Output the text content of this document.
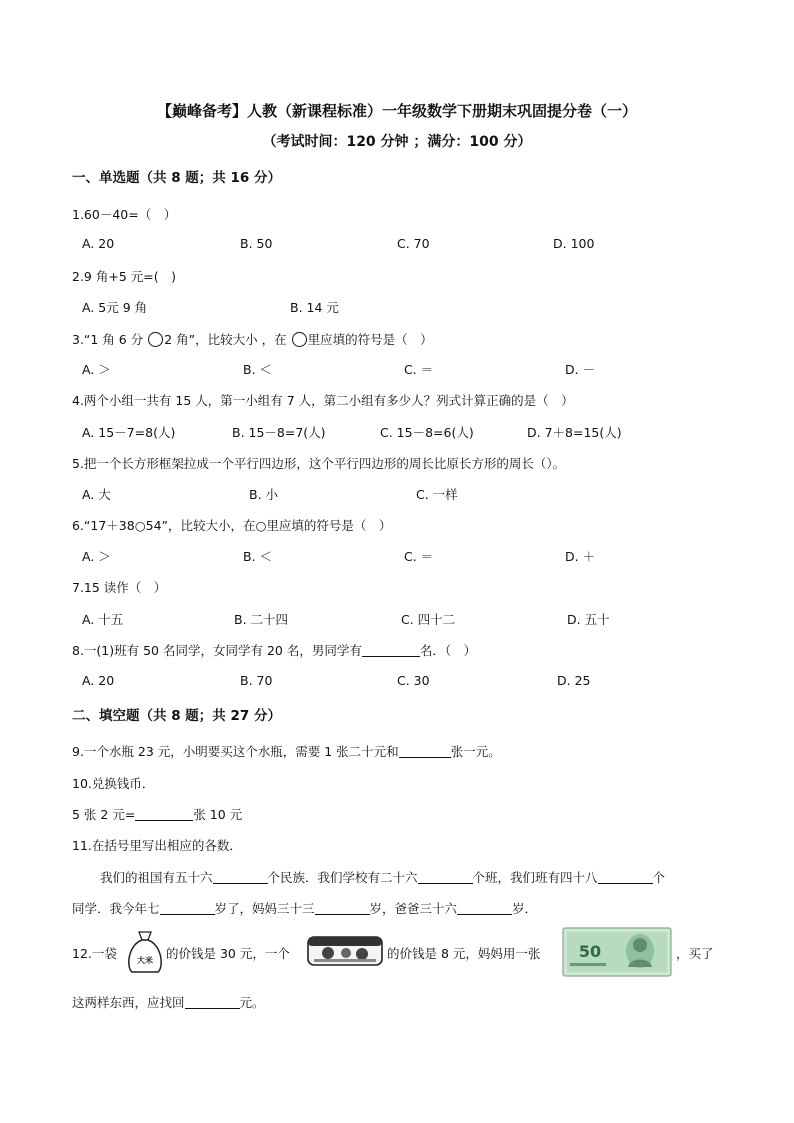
【巅峰备考】人教（新课程标准）一年级数学下册期末巩固提分卷（一）
（考试时间：120 分钟 ；满分：100 分）
一、单选题（共 8 题；共 16 分）
1.60－40=（　）
A. 20	B. 50	C. 70	D. 100
2.9 角+5 元=(　)
A. 5元 9 角	B. 14 元
3.“1 角 6 分 2 角”，比较大小 ，在 里应填的符号是（　）
A. ＞	B. ＜	C. ＝	D. －
4.两个小组一共有 15 人，第一小组有 7 人，第二小组有多少人？列式计算正确的是（　）
A. 15－7=8(人)	B. 15－8=7(人)	C. 15－8=6(人)	D. 7＋8=15(人)
5.把一个长方形框架拉成一个平行四边形，这个平行四边形的周长比原长方形的周长（）。
A. 大	B. 小	C. 一样
6.“17＋38○54”，比较大小，在○里应填的符号是（　）
A. ＞	B. ＜	C. ＝	D. ＋
7.15 读作（　）
A. 十五	B. 二十四	C. 四十二	D. 五十
8.一(1)班有 50 名同学，女同学有 20 名，男同学有	名．（　）
A. 20	B. 70	C. 30	D. 25
二、填空题（共 8 题；共 27 分）
9.一个水瓶 23 元，小明要买这个水瓶，需要 1 张二十元和	张一元。
10.兑换钱币．
5 张 2 元=	张 10 元
11.在括号里写出相应的各数．
我们的祖国有五十六	个民族．我们学校有二十六	个班，我们班有四十八	个
同学．我今年七	岁了，妈妈三十三	岁，爸爸三十六	岁．
12.一袋	大米 的价钱是 30 元，一个	的价钱是 8 元，妈妈用一张 50	，买了
这两样东西，应找回	元。
